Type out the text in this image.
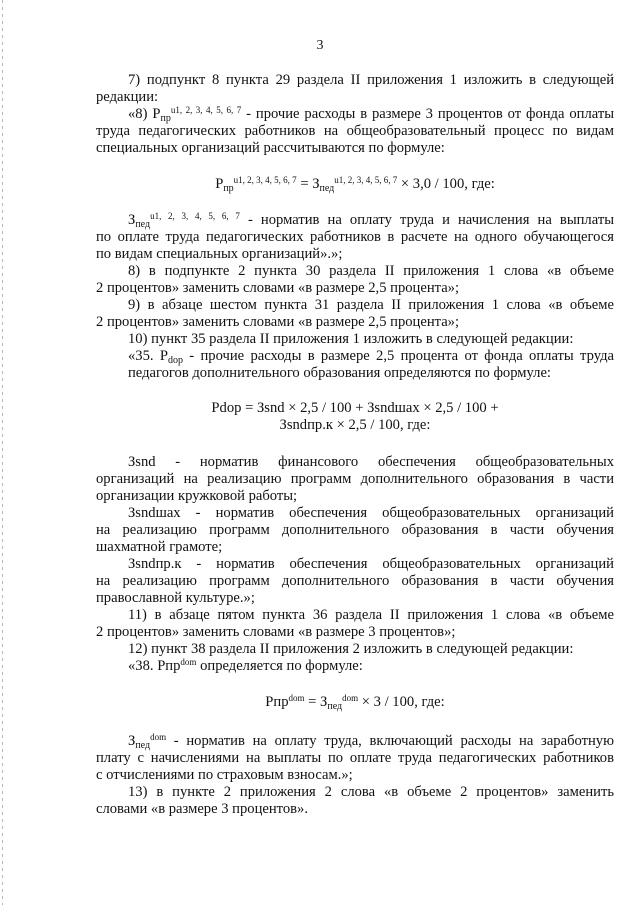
3
7) подпункт 8 пункта 29 раздела II приложения 1 изложить в следующей
редакции:
«8) $Р_{пр}^{u1, 2, 3, 4, 5, 6, 7}$ - прочие расходы в размере 3 процентов от фонда оплаты
труда педагогических работников на общеобразовательный процесс по видам
специальных организаций рассчитываются по формуле:
$Р_{пр}^{u1, 2, 3, 4, 5, 6, 7} = З_{пед}^{u1, 2, 3, 4, 5, 6, 7} \times 3,0 / 100$, где:
$З_{пед}^{u1, 2, 3, 4, 5, 6, 7}$ - норматив на оплату труда и начисления на выплаты
по оплате труда педагогических работников в расчете на одного обучающегося
по видам специальных организаций».»;
8) в подпункте 2 пункта 30 раздела II приложения 1 слова «в объеме
2 процентов» заменить словами «в размере 2,5 процента»;
9) в абзаце шестом пункта 31 раздела II приложения 1 слова «в объеме
2 процентов» заменить словами «в размере 2,5 процента»;
10) пункт 35 раздела II приложения 1 изложить в следующей редакции:
«35. $Р_{dop}$ - прочие расходы в размере 2,5 процента от фонда оплаты труда
педагогов дополнительного образования определяются по формуле:
Pdop = Зsnd × 2,5 / 100 + Зsndшах × 2,5 / 100 +
Зsndпр.к × 2,5 / 100, где:
Зsnd - норматив финансового обеспечения общеобразовательных
организаций на реализацию программ дополнительного образования в части
организации кружковой работы;
Зsndшах - норматив обеспечения общеобразовательных организаций
на реализацию программ дополнительного образования в части обучения
шахматной грамоте;
Зsndпр.к - норматив обеспечения общеобразовательных организаций
на реализацию программ дополнительного образования в части обучения
православной культуре.»;
11) в абзаце пятом пункта 36 раздела II приложения 1 слова «в объеме
2 процентов» заменить словами «в размере 3 процентов»;
12) пункт 38 раздела II приложения 2 изложить в следующей редакции:
«38. Рпр$^{dom}$ определяется по формуле:
$Рпр^{dom} = З_{пед}^{dom} \times 3 / 100$, где:
$З_{пед}^{dom}$ - норматив на оплату труда, включающий расходы на заработную
плату с начислениями на выплаты по оплате труда педагогических работников
с отчислениями по страховым взносам.»;
13) в пункте 2 приложения 2 слова «в объеме 2 процентов» заменить
словами «в размере 3 процентов».
